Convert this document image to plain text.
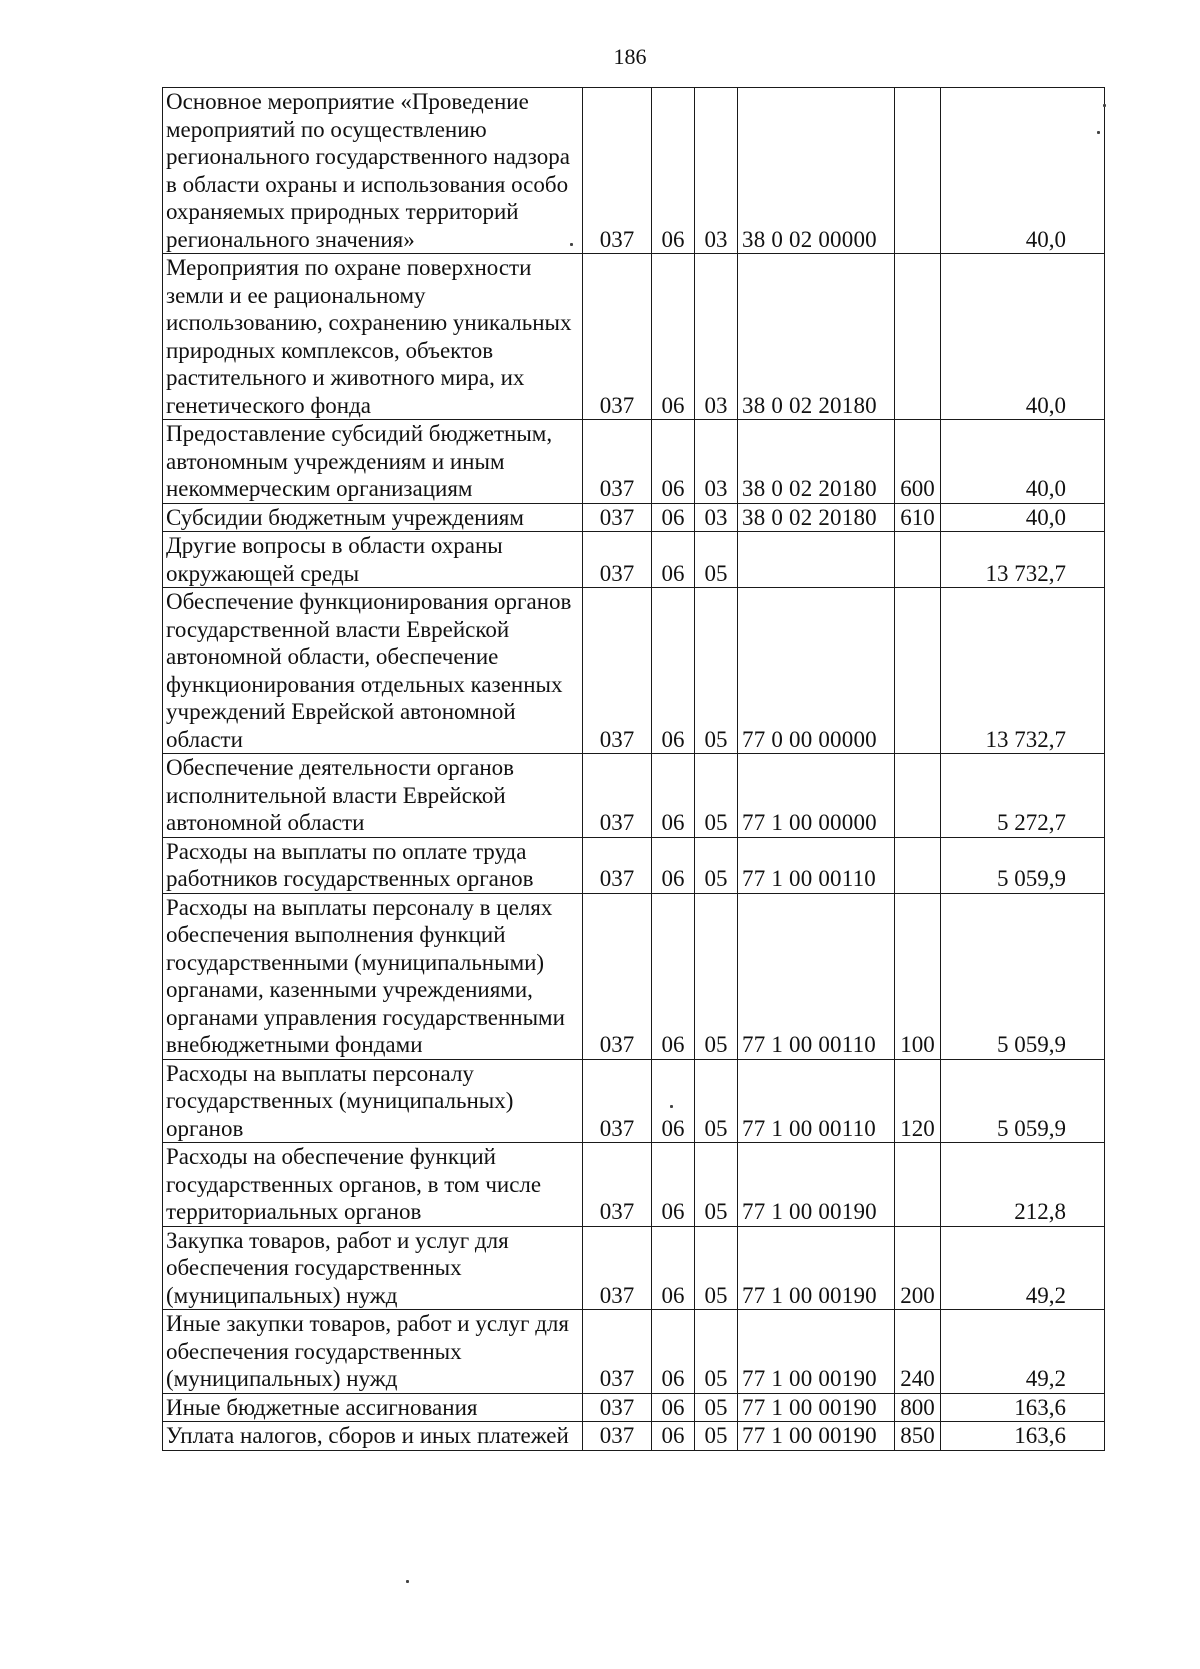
186
Основное мероприятие «Проведение мероприятий по осуществлению регионального государственного надзора в области охраны и использования особо охраняемых природных территорий регионального значения»	037	06	03	38 0 02 00000		40,0
Мероприятия по охране поверхности земли и ее рациональному использованию, сохранению уникальных природных комплексов, объектов растительного и животного мира, их генетического фонда	037	06	03	38 0 02 20180		40,0
Предоставление субсидий бюджетным, автономным учреждениям и иным некоммерческим организациям	037	06	03	38 0 02 20180	600	40,0
Субсидии бюджетным учреждениям	037	06	03	38 0 02 20180	610	40,0
Другие вопросы в области охраны окружающей среды	037	06	05			13 732,7
Обеспечение функционирования органов государственной власти Еврейской автономной области, обеспечение функционирования отдельных казенных учреждений Еврейской автономной области	037	06	05	77 0 00 00000		13 732,7
Обеспечение деятельности органов исполнительной власти Еврейской автономной области	037	06	05	77 1 00 00000		5 272,7
Расходы на выплаты по оплате труда работников государственных органов	037	06	05	77 1 00 00110		5 059,9
Расходы на выплаты персоналу в целях обеспечения выполнения функций государственными (муниципальными) органами, казенными учреждениями, органами управления государственными внебюджетными фондами	037	06	05	77 1 00 00110	100	5 059,9
Расходы на выплаты персоналу государственных (муниципальных) органов	037	06	05	77 1 00 00110	120	5 059,9
Расходы на обеспечение функций государственных органов, в том числе территориальных органов	037	06	05	77 1 00 00190		212,8
Закупка товаров, работ и услуг для обеспечения государственных (муниципальных) нужд	037	06	05	77 1 00 00190	200	49,2
Иные закупки товаров, работ и услуг для обеспечения государственных (муниципальных) нужд	037	06	05	77 1 00 00190	240	49,2
Иные бюджетные ассигнования	037	06	05	77 1 00 00190	800	163,6
Уплата налогов, сборов и иных платежей	037	06	05	77 1 00 00190	850	163,6
